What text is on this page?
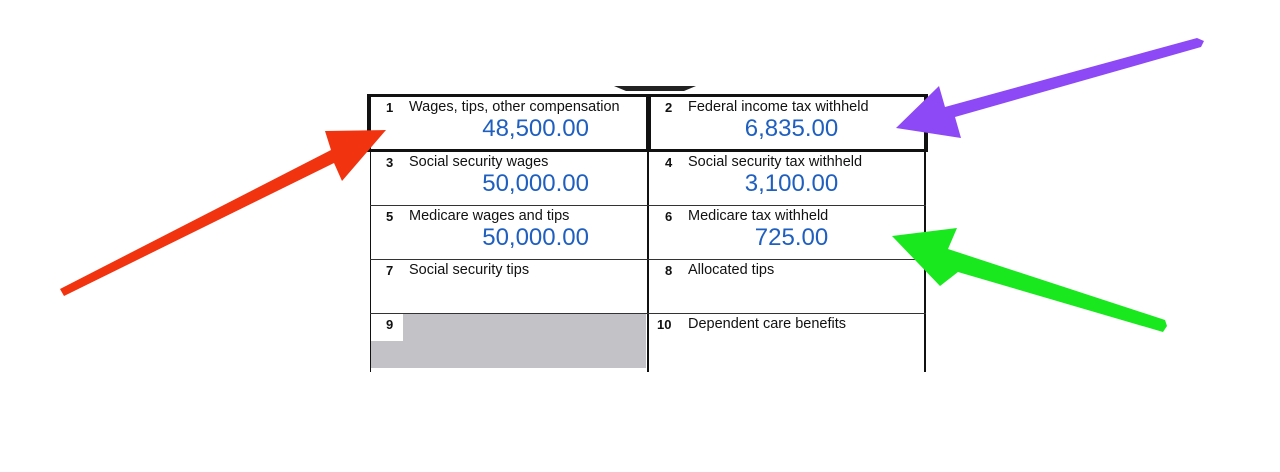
1 Wages, tips, other compensation
48,500.00
2 Federal income tax withheld
6,835.00
3 Social security wages
50,000.00
4 Social security tax withheld
3,100.00
5 Medicare wages and tips
50,000.00
6 Medicare tax withheld
725.00
7 Social security tips	8 Allocated tips
9	10 Dependent care benefits
